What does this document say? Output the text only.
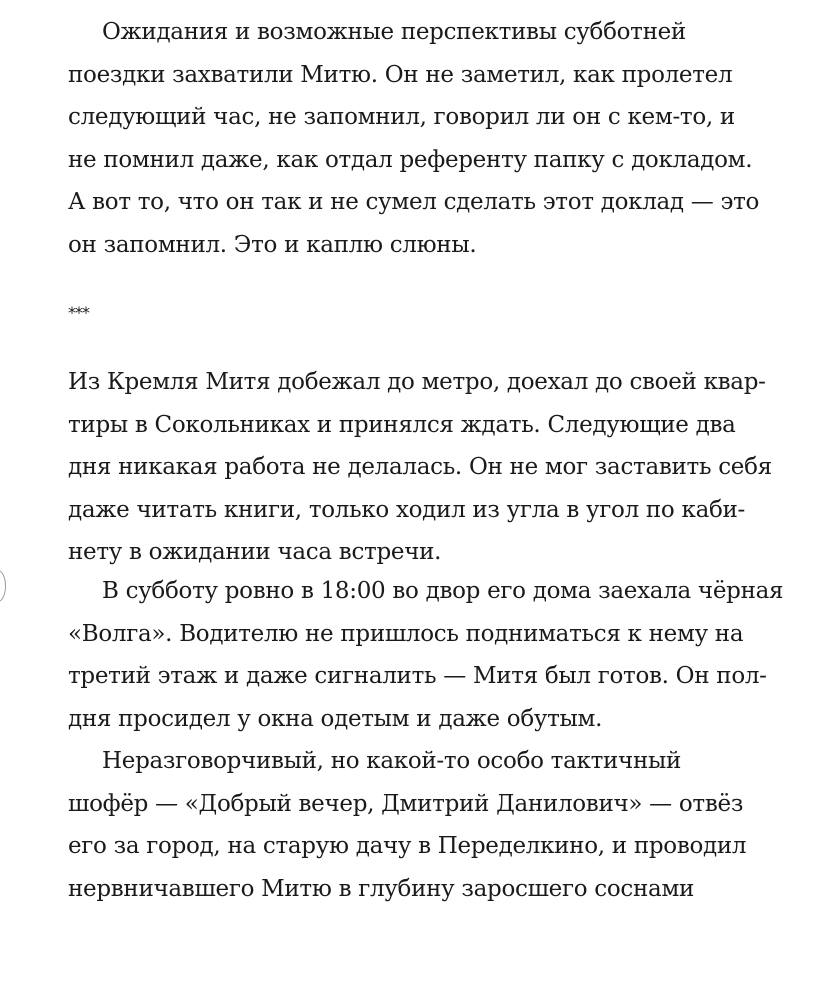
Ожидания и возможные перспективы субботней
поездки захватили Митю. Он не заметил, как пролетел
следующий час, не запомнил, говорил ли он с кем-то, и
не помнил даже, как отдал референту папку с докладом.
А вот то, что он так и не сумел сделать этот доклад — это
он запомнил. Это и каплю слюны.
***
Из Кремля Митя добежал до метро, доехал до своей квар-
тиры в Сокольниках и принялся ждать. Следующие два
дня никакая работа не делалась. Он не мог заставить себя
даже читать книги, только ходил из угла в угол по каби-
нету в ожидании часа встречи.
В субботу ровно в 18:00 во двор его дома заехала чёрная
«Волга». Водителю не пришлось подниматься к нему на
третий этаж и даже сигналить — Митя был готов. Он пол-
дня просидел у окна одетым и даже обутым.
Неразговорчивый, но какой-то особо тактичный
шофёр — «Добрый вечер, Дмитрий Данилович» — отвёз
его за город, на старую дачу в Переделкино, и проводил
нервничавшего Митю в глубину заросшего соснами
